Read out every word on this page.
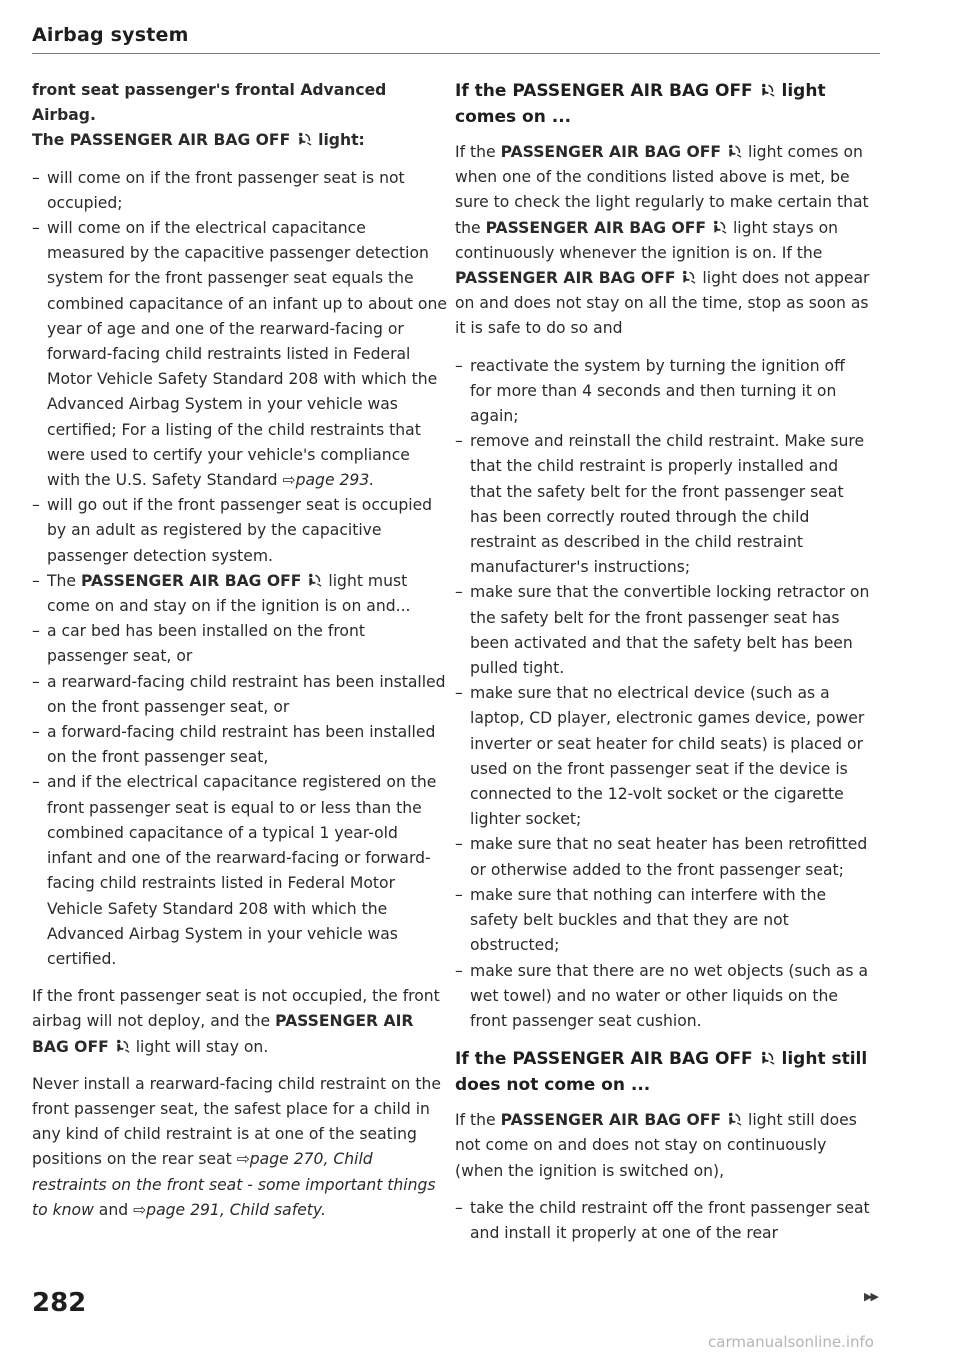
Airbag system
front seat passenger's frontal Advanced Airbag.
The PASSENGER AIR BAG OFF light:
– will come on if the front passenger seat is not occupied;
– will come on if the electrical capacitance measured by the capacitive passenger detection system for the front passenger seat equals the combined capacitance of an infant up to about one year of age and one of the rearward-facing or forward-facing child restraints listed in Federal Motor Vehicle Safety Standard 208 with which the Advanced Airbag System in your vehicle was certified; For a listing of the child restraints that were used to certify your vehicle's compliance with the U.S. Safety Standard ⇨page 293.
– will go out if the front passenger seat is occupied by an adult as registered by the capacitive passenger detection system.
– The PASSENGER AIR BAG OFF light must come on and stay on if the ignition is on and...
– a car bed has been installed on the front passenger seat, or
– a rearward-facing child restraint has been installed on the front passenger seat, or
– a forward-facing child restraint has been installed on the front passenger seat,
– and if the electrical capacitance registered on the front passenger seat is equal to or less than the combined capacitance of a typical 1 year-old infant and one of the rearward-facing or forward-facing child restraints listed in Federal Motor Vehicle Safety Standard 208 with which the Advanced Airbag System in your vehicle was certified.

If the front passenger seat is not occupied, the front airbag will not deploy, and the PASSENGER AIR BAG OFF light will stay on.

Never install a rearward-facing child restraint on the front passenger seat, the safest place for a child in any kind of child restraint is at one of the seating positions on the rear seat ⇨page 270, Child restraints on the front seat - some important things to know and ⇨page 291, Child safety.

If the PASSENGER AIR BAG OFF light comes on ...

If the PASSENGER AIR BAG OFF light comes on when one of the conditions listed above is met, be sure to check the light regularly to make certain that the PASSENGER AIR BAG OFF light stays on continuously whenever the ignition is on. If the PASSENGER AIR BAG OFF light does not appear on and does not stay on all the time, stop as soon as it is safe to do so and

– reactivate the system by turning the ignition off for more than 4 seconds and then turning it on again;
– remove and reinstall the child restraint. Make sure that the child restraint is properly installed and that the safety belt for the front passenger seat has been correctly routed through the child restraint as described in the child restraint manufacturer's instructions;
– make sure that the convertible locking retractor on the safety belt for the front passenger seat has been activated and that the safety belt has been pulled tight.
– make sure that no electrical device (such as a laptop, CD player, electronic games device, power inverter or seat heater for child seats) is placed or used on the front passenger seat if the device is connected to the 12-volt socket or the cigarette lighter socket;
– make sure that no seat heater has been retrofitted or otherwise added to the front passenger seat;
– make sure that nothing can interfere with the safety belt buckles and that they are not obstructed;
– make sure that there are no wet objects (such as a wet towel) and no water or other liquids on the front passenger seat cushion.
If the PASSENGER AIR BAG OFF light still does not come on ...

If the PASSENGER AIR BAG OFF light still does not come on and does not stay on continuously (when the ignition is switched on),

– take the child restraint off the front passenger seat and install it properly at one of the rear
282	▶▶
carmanualsonline.info
